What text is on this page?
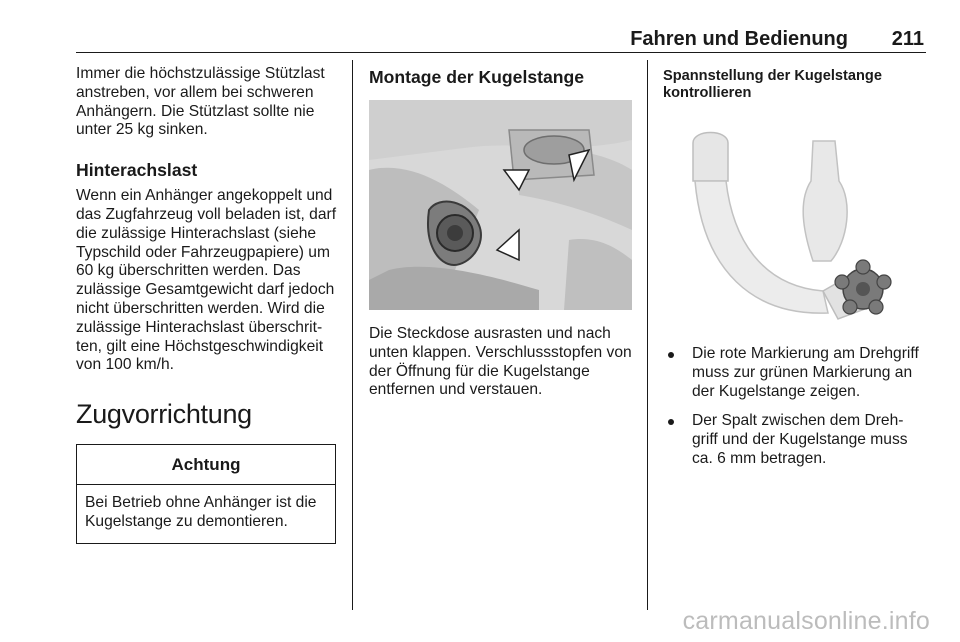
Fahren und Bedienung 211

Immer die höchstzulässige Stützlast anstreben, vor allem bei schweren Anhängern. Die Stützlast sollte nie unter 25 kg sinken.

Hinterachslast

Wenn ein Anhänger angekoppelt und das Zugfahrzeug voll beladen ist, darf die zulässige Hinterachslast (siehe Typschild oder Fahrzeugpapiere) um 60 kg überschritten werden. Das zulässige Gesamtgewicht darf jedoch nicht überschritten werden. Wird die zulässige Hinterachslast überschrit- ten, gilt eine Höchstgeschwindigkeit von 100 km/h.

Zugvorrichtung
Achtung
Bei Betrieb ohne Anhänger ist die Kugelstange zu demontieren.
Montage der Kugelstange

Die Steckdose ausrasten und nach unten klappen. Verschlussstopfen von der Öffnung für die Kugelstange entfernen und verstauen.

Spannstellung der Kugelstange kontrollieren
Die rote Markierung am Drehgriff muss zur grünen Markierung an der Kugelstange zeigen.
Der Spalt zwischen dem Dreh- griff und der Kugelstange muss ca. 6 mm betragen.
carmanualsonline.info
